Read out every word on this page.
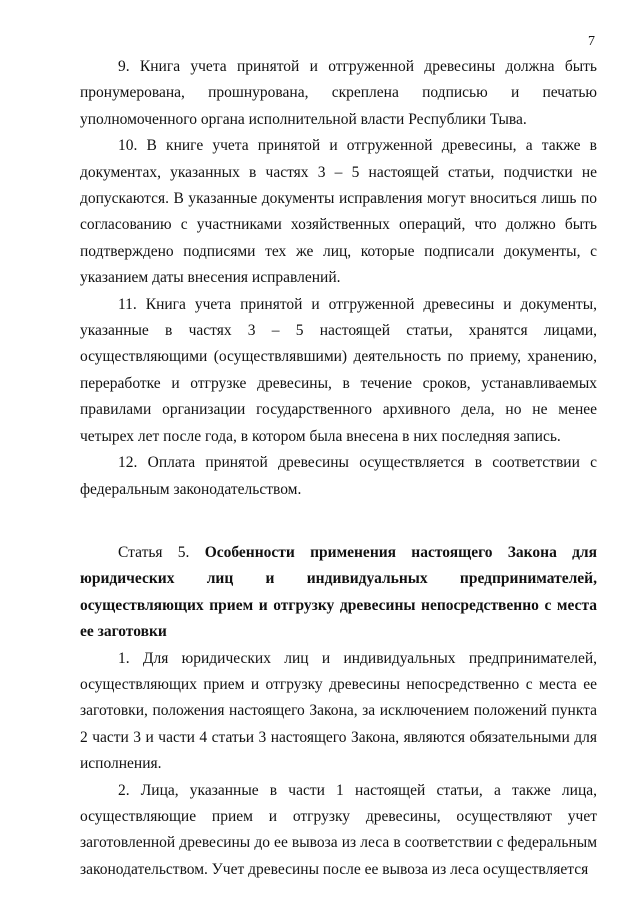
7

9. Книга учета принятой и отгруженной древесины должна быть пронумерована, прошнурована, скреплена подписью и печатью уполномоченного органа исполнительной власти Республики Тыва.

10. В книге учета принятой и отгруженной древесины, а также в документах, указанных в частях 3 – 5 настоящей статьи, подчистки не допускаются. В указанные документы исправления могут вноситься лишь по согласованию с участниками хозяйственных операций, что должно быть подтверждено подписями тех же лиц, которые подписали документы, с указанием даты внесения исправлений.

11. Книга учета принятой и отгруженной древесины и документы, указанные в частях 3 – 5 настоящей статьи, хранятся лицами, осуществляющими (осуществлявшими) деятельность по приему, хранению, переработке и отгрузке древесины, в течение сроков, устанавливаемых правилами организации государственного архивного дела, но не менее четырех лет после года, в котором была внесена в них последняя запись.

12. Оплата принятой древесины осуществляется в соответствии с федеральным законодательством.

Статья 5. Особенности применения настоящего Закона для юридических лиц и индивидуальных предпринимателей, осуществляющих прием и отгрузку древесины непосредственно с места ее заготовки

1. Для юридических лиц и индивидуальных предпринимателей, осуществляющих прием и отгрузку древесины непосредственно с места ее заготовки, положения настоящего Закона, за исключением положений пункта 2 части 3 и части 4 статьи 3 настоящего Закона, являются обязательными для исполнения.

2. Лица, указанные в части 1 настоящей статьи, а также лица, осуществляющие прием и отгрузку древесины, осуществляют учет заготовленной древесины до ее вывоза из леса в соответствии с федеральным законодательством. Учет древесины после ее вывоза из леса осуществляется
